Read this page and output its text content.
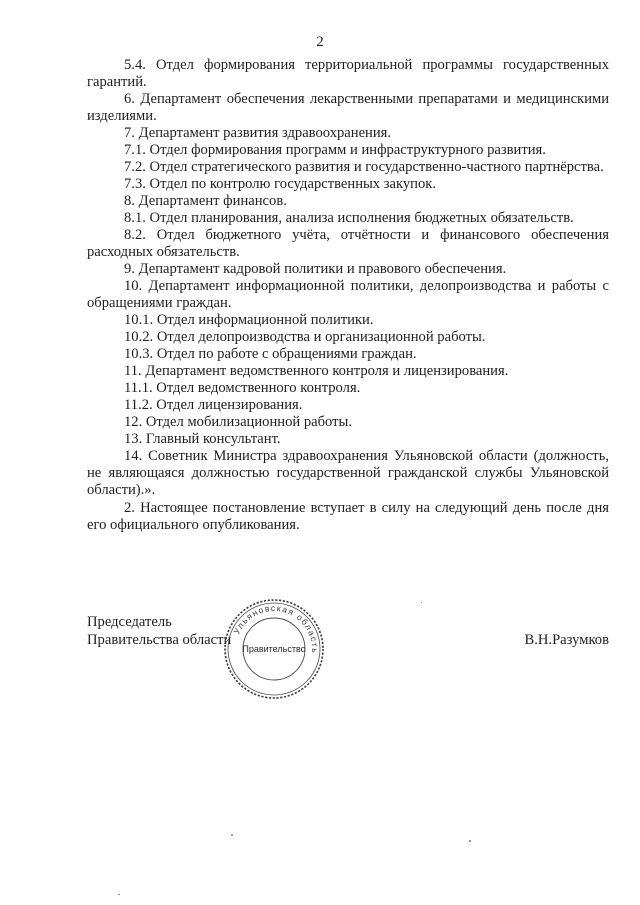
2

5.4. Отдел формирования территориальной программы государственных гарантий.

6. Департамент обеспечения лекарственными препаратами и медицинскими изделиями.

7. Департамент развития здравоохранения.

7.1. Отдел формирования программ и инфраструктурного развития.

7.2. Отдел стратегического развития и государственно-частного партнёрства.

7.3. Отдел по контролю государственных закупок.

8. Департамент финансов.

8.1. Отдел планирования, анализа исполнения бюджетных обязательств.

8.2. Отдел бюджетного учёта, отчётности и финансового обеспечения расходных обязательств.

9. Департамент кадровой политики и правового обеспечения.

10. Департамент информационной политики, делопроизводства и работы с обращениями граждан.

10.1. Отдел информационной политики.

10.2. Отдел делопроизводства и организационной работы.

10.3. Отдел по работе с обращениями граждан.

11. Департамент ведомственного контроля и лицензирования.

11.1. Отдел ведомственного контроля.

11.2. Отдел лицензирования.

12. Отдел мобилизационной работы.

13. Главный консультант.

14. Советник Министра здравоохранения Ульяновской области (должность, не являющаяся должностью государственной гражданской службы Ульяновской области).».

2. Настоящее постановление вступает в силу на следующий день после дня его официального опубликования.

Председатель
Правительства области	В.Н.Разумков
Ульяновская область
Правительство
